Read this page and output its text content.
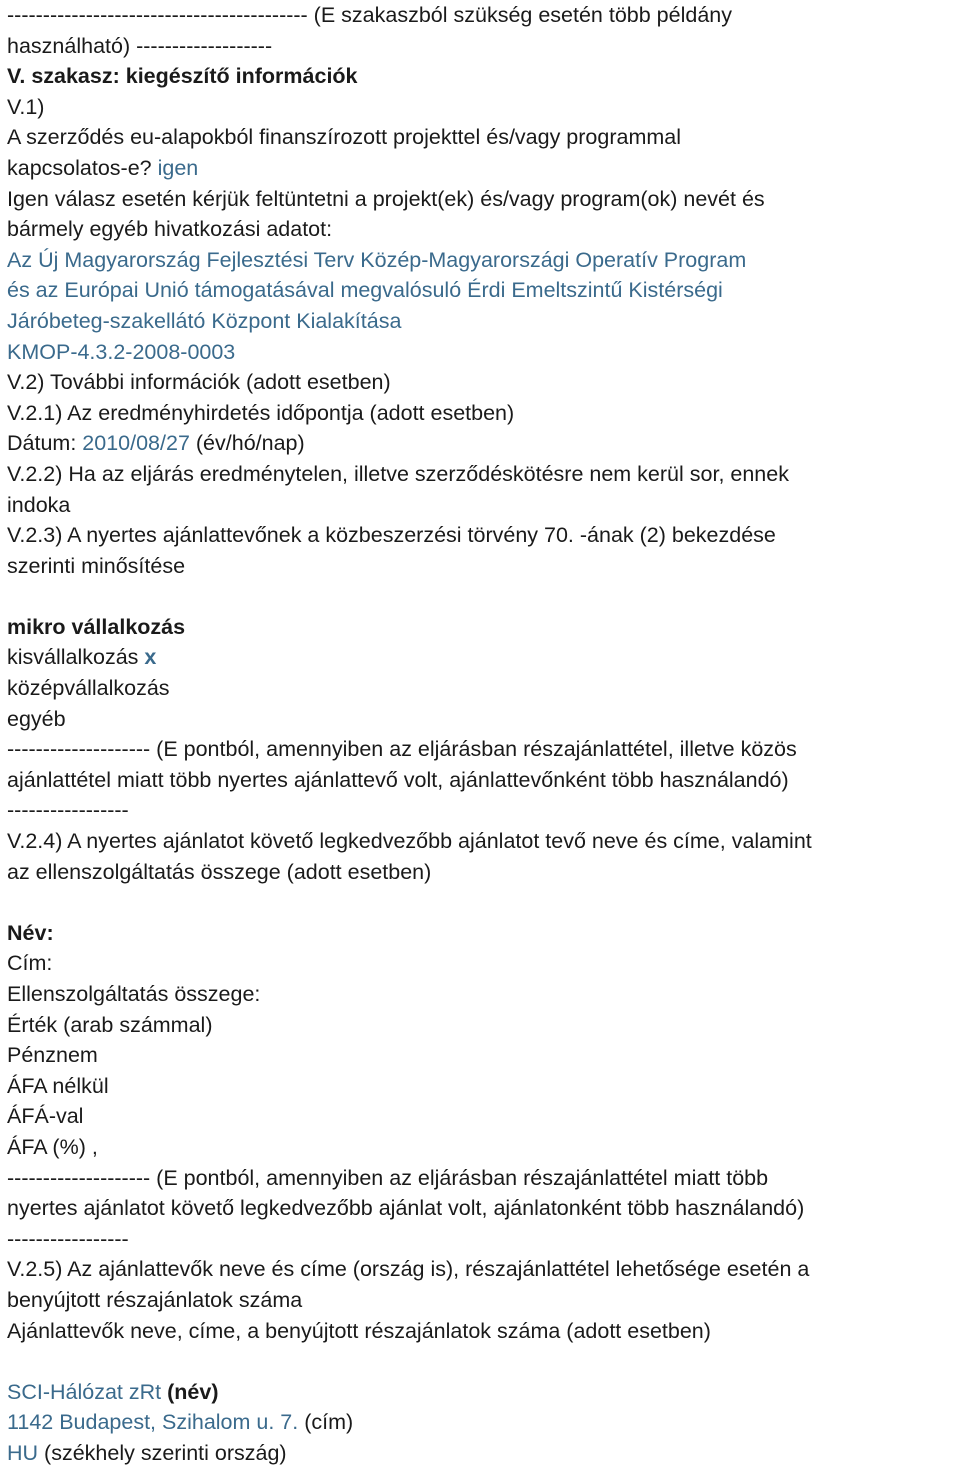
------------------------------------------ (E szakaszból szükség esetén több példány
használható) -------------------
V. szakasz: kiegészítő információk
V.1)
A szerződés eu-alapokból finanszírozott projekttel és/vagy programmal
kapcsolatos-e? igen
Igen válasz esetén kérjük feltüntetni a projekt(ek) és/vagy program(ok) nevét és
bármely egyéb hivatkozási adatot:
Az Új Magyarország Fejlesztési Terv Közép-Magyarországi Operatív Program
és az Európai Unió támogatásával megvalósuló Érdi Emeltszintű Kistérségi
Járóbeteg-szakellátó Központ Kialakítása
KMOP-4.3.2-2008-0003
V.2) További információk (adott esetben)
V.2.1) Az eredményhirdetés időpontja (adott esetben)
Dátum: 2010/08/27 (év/hó/nap)
V.2.2) Ha az eljárás eredménytelen, illetve szerződéskötésre nem kerül sor, ennek
indoka
V.2.3) A nyertes ajánlattevőnek a közbeszerzési törvény 70. -ának (2) bekezdése
szerinti minősítése
mikro vállalkozás
kisvállalkozás x
középvállalkozás
egyéb
-------------------- (E pontból, amennyiben az eljárásban részajánlattétel, illetve közös
ajánlattétel miatt több nyertes ajánlattevő volt, ajánlattevőnként több használandó)
-----------------
V.2.4) A nyertes ajánlatot követő legkedvezőbb ajánlatot tevő neve és címe, valamint
az ellenszolgáltatás összege (adott esetben)
Név:
Cím:
Ellenszolgáltatás összege:
Érték (arab számmal)
Pénznem
ÁFA nélkül
ÁFÁ-val
ÁFA (%) ,
-------------------- (E pontból, amennyiben az eljárásban részajánlattétel miatt több
nyertes ajánlatot követő legkedvezőbb ajánlat volt, ajánlatonként több használandó)
-----------------
V.2.5) Az ajánlattevők neve és címe (ország is), részajánlattétel lehetősége esetén a
benyújtott részajánlatok száma
Ajánlattevők neve, címe, a benyújtott részajánlatok száma (adott esetben)
SCI-Hálózat zRt (név)
1142 Budapest, Szihalom u. 7. (cím)
HU (székhely szerinti ország)
